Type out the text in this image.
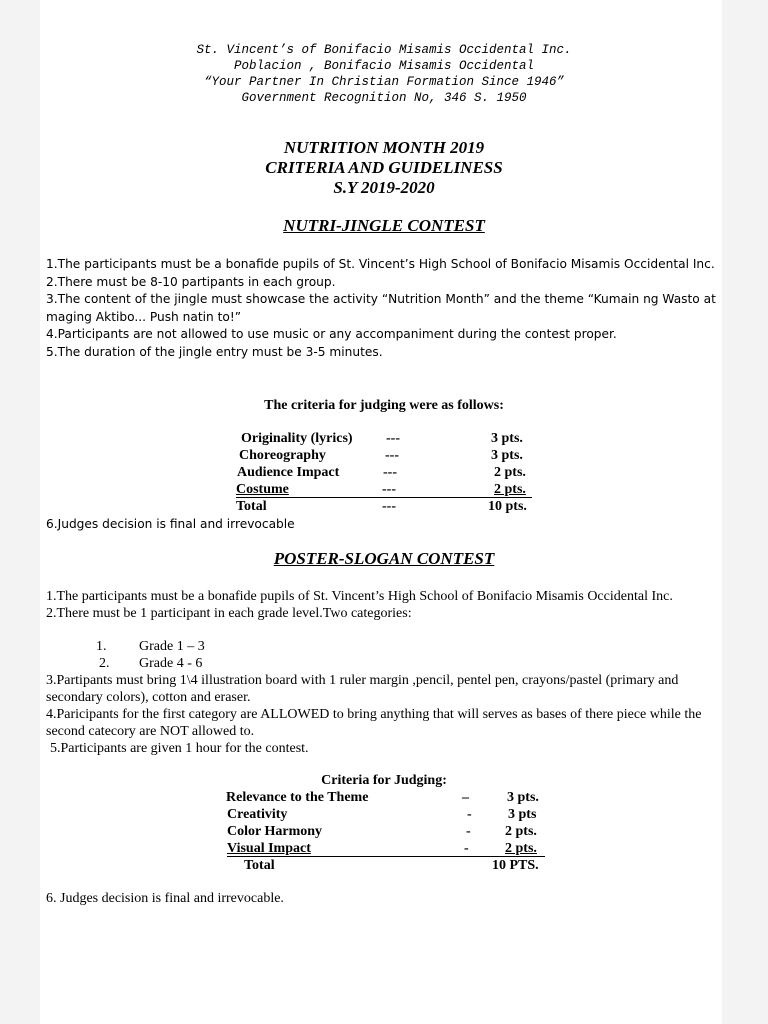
St. Vincent’s of Bonifacio Misamis Occidental Inc.
Poblacion , Bonifacio Misamis Occidental
“Your Partner In Christian Formation Since 1946”
Government Recognition No, 346 S. 1950
NUTRITION MONTH 2019
CRITERIA AND GUIDELINESS
S.Y 2019-2020
NUTRI-JINGLE CONTEST

1.The participants must be a bonafide pupils of St. Vincent’s High School of Bonifacio Misamis Occidental Inc.

2.There must be 8-10 partipants in each group.

3.The content of the jingle must showcase the activity “Nutrition Month” and the theme “Kumain ng Wasto at maging Aktibo... Push natin to!”

4.Participants are not allowed to use music or any accompaniment during the contest proper.

5.The duration of the jingle entry must be 3-5 minutes.

The criteria for judging were as follows:
Originality (lyrics) ---	3 pts.
Choreography	---	3 pts.
Audience Impact	---	2 pts.
Costume	---	2 pts.
Total	---	10 pts.
6.Judges decision is final and irrevocable
POSTER-SLOGAN CONTEST

1.The participants must be a bonafide pupils of St. Vincent’s High School of Bonifacio Misamis Occidental Inc.

2.There must be 1 participant in each grade level.Two categories:

1. Grade 1 – 3
2. Grade 4 - 6

3.Partipants must bring 1\4 illustration board with 1 ruler margin ,pencil, pentel pen, crayons/pastel (primary and secondary colors), cotton and eraser.

4.Paricipants for the first category are ALLOWED to bring anything that will serves as bases of there piece while the second catecory are NOT allowed to.

5.Participants are given 1 hour for the contest.

Criteria for Judging:
Relevance to the Theme	–	3 pts.
Creativity	-	3 pts
Color Harmony	- 2 pts.
Visual Impact	-	2 pts.
Total	10 PTS.
6. Judges decision is final and irrevocable.
